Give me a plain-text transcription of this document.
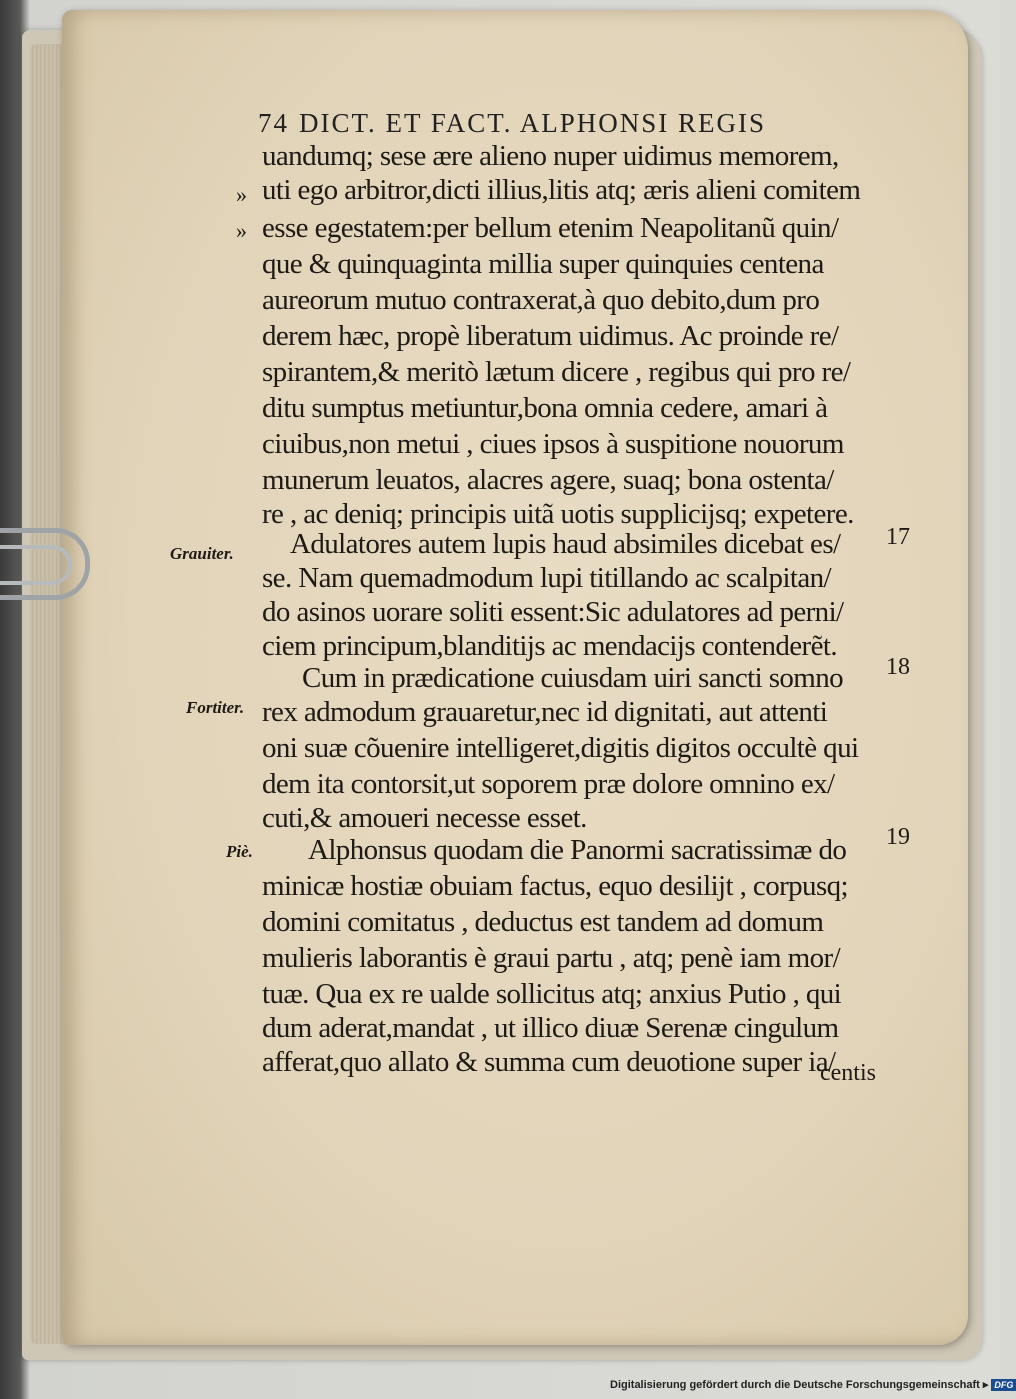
74 DICT. ET FACT. ALPHONSI REGIS
uandumq; sese ære alieno nuper uidimus memorem,
uti ego arbitror,dicti illius,litis atq; æris alieni comitem
esse egestatem:per bellum etenim Neapolitanũ quin/
que & quinquaginta millia super quinquies centena
aureorum mutuo contraxerat,à quo debito,dum pro
derem hæc, propè liberatum uidimus. Ac proinde re/
spirantem,& meritò lætum dicere , regibus qui pro re/
ditu sumptus metiuntur,bona omnia cedere, amari à
ciuibus,non metui , ciues ipsos à suspitione nouorum
munerum leuatos, alacres agere, suaq; bona ostenta/
re , ac deniq; principis uitã uotis supplicijsq; expetere.
Adulatores autem lupis haud absimiles dicebat es/
se. Nam quemadmodum lupi titillando ac scalpitan/
do asinos uorare soliti essent:Sic adulatores ad perni/
ciem principum,blanditijs ac mendacijs contenderẽt.
Cum in prædicatione cuiusdam uiri sancti somno
rex admodum grauaretur,nec id dignitati, aut attenti
oni suæ cõuenire intelligeret,digitis digitos occultè qui
dem ita contorsit,ut soporem præ dolore omnino ex/
cuti,& amoueri necesse esset.
Alphonsus quodam die Panormi sacratissimæ do
minicæ hostiæ obuiam factus, equo desilijt , corpusq;
domini comitatus , deductus est tandem ad domum
mulieris laborantis è graui partu , atq; penè iam mor/
tuæ. Qua ex re ualde sollicitus atq; anxius Putio , qui
dum aderat,mandat , ut illico diuæ Serenæ cingulum
afferat,quo allato & summa cum deuotione super ia/
»
»
Grauiter.
Fortiter.
Piè.
17
18
19
centis
Digitalisierung gefördert durch die Deutsche Forschungsgemeinschaft ▸ DFG
